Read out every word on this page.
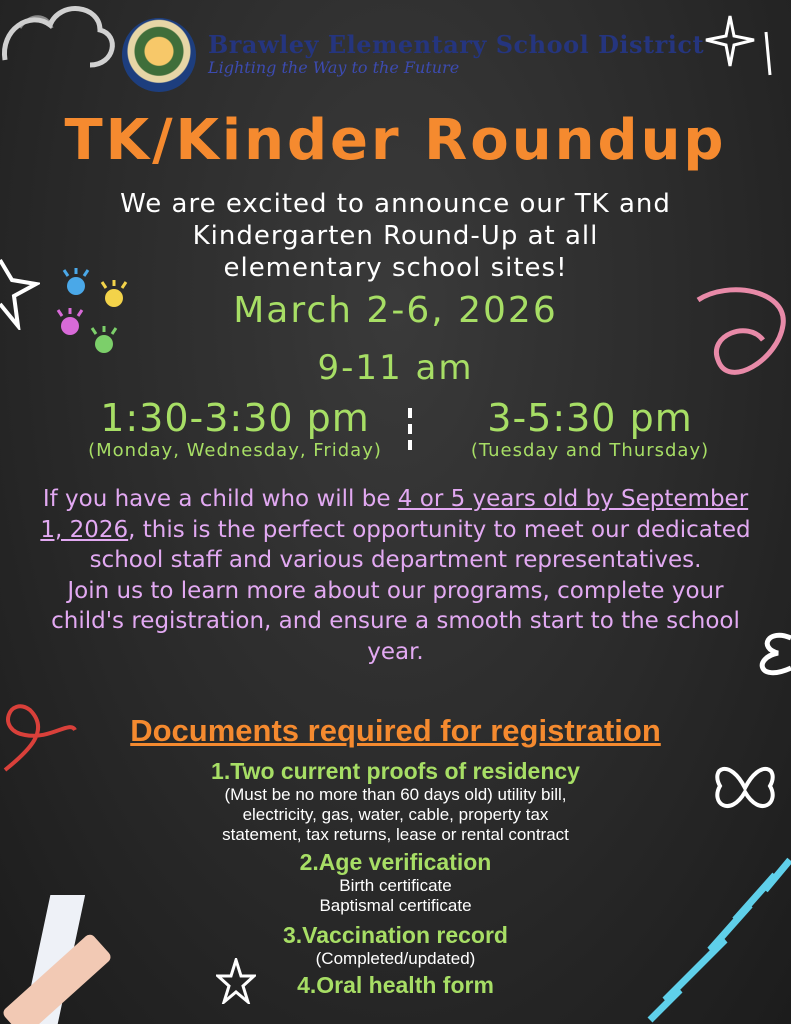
Brawley Elementary School District
Lighting the Way to the Future
TK/Kinder Roundup
We are excited to announce our TK and
Kindergarten Round-Up at all
elementary school sites!
March 2-6, 2026
9-11 am
1:30-3:30 pm
(Monday, Wednesday, Friday)
3-5:30 pm
(Tuesday and Thursday)
If you have a child who will be 4 or 5 years old by September 1, 2026, this is the perfect opportunity to meet our dedicated school staff and various department representatives.
Join us to learn more about our programs, complete your child's registration, and ensure a smooth start to the school year.
Documents required for registration
1.Two current proofs of residency
(Must be no more than 60 days old) utility bill,
electricity, gas, water, cable, property tax
statement, tax returns, lease or rental contract
2.Age verification
Birth certificate
Baptismal certificate
3.Vaccination record
(Completed/updated)
4.Oral health form
